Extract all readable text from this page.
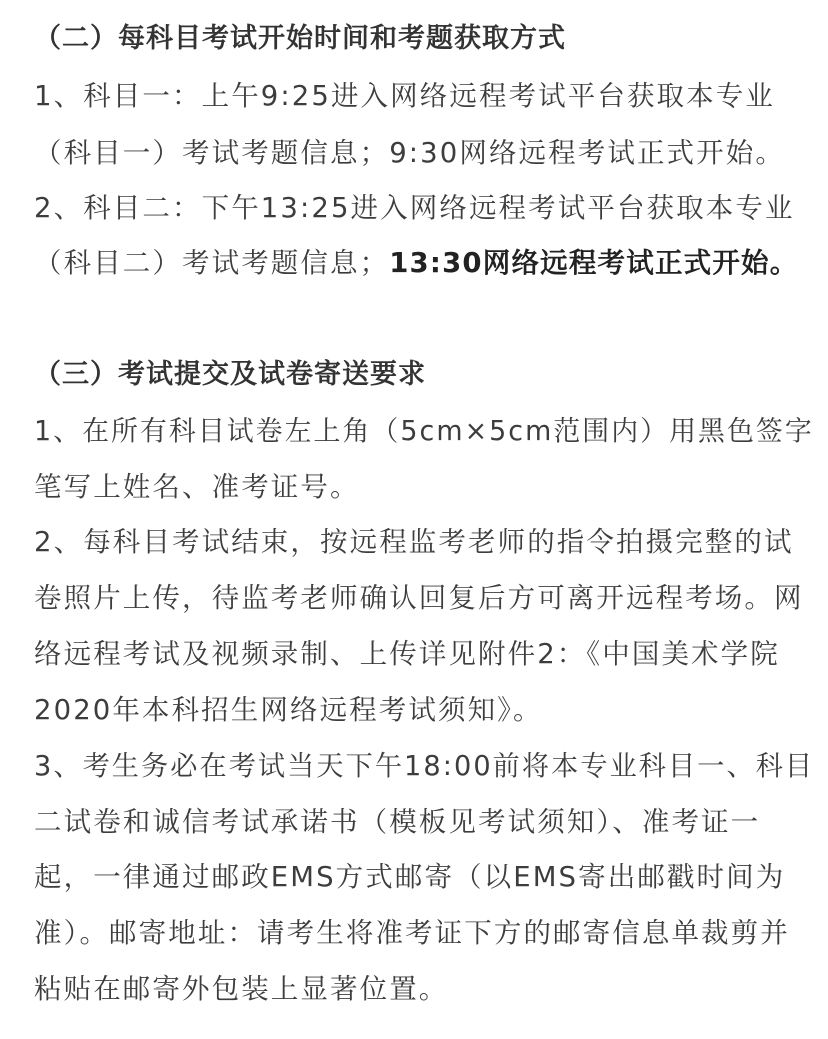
（二）每科目考试开始时间和考题获取方式
1、科目一：上午9:25进入网络远程考试平台获取本专业
（科目一）考试考题信息；9:30网络远程考试正式开始。
2、科目二：下午13:25进入网络远程考试平台获取本专业
（科目二）考试考题信息；13:30网络远程考试正式开始。
（三）考试提交及试卷寄送要求
1、在所有科目试卷左上角（5cm×5cm范围内）用黑色签字
笔写上姓名、准考证号。
2、每科目考试结束，按远程监考老师的指令拍摄完整的试
卷照片上传，待监考老师确认回复后方可离开远程考场。网
络远程考试及视频录制、上传详见附件2：《中国美术学院
2020年本科招生网络远程考试须知》。
3、考生务必在考试当天下午18:00前将本专业科目一、科目
二试卷和诚信考试承诺书（模板见考试须知）、准考证一
起，一律通过邮政EMS方式邮寄（以EMS寄出邮戳时间为
准）。邮寄地址：请考生将准考证下方的邮寄信息单裁剪并
粘贴在邮寄外包装上显著位置。
